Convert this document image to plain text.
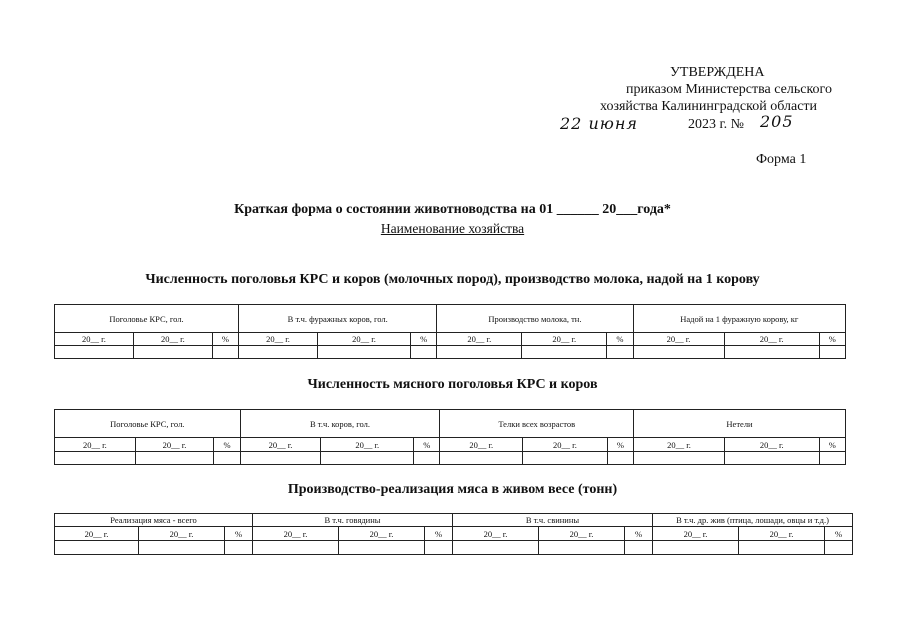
УТВЕРЖДЕНА
приказом Министерства сельского
хозяйства Калининградской области
22 июня	2023 г. № 205
Форма 1
Краткая форма о состоянии животноводства на 01 ______ 20___года*
Наименование хозяйства
Численность поголовья КРС и коров (молочных пород), производство молока, надой на 1 корову
Поголовье КРС, гол.			В т.ч. фуражных коров, гол.			Производство молока, тн.			Надой на 1 фуражную корову, кг		
20__ г.	20__ г.	%	20__ г.	20__ г.	%	20__ г.	20__ г.	%	20__ г.	20__ г.	%

Численность мясного поголовья КРС и коров
Поголовье КРС, гол.			В т.ч. коров, гол.			Телки всех возрастов			Нетели		
20__ г.	20__ г.	%	20__ г.	20__ г.	%	20__ г.	20__ г.	%	20__ г.	20__ г.	%

Производство-реализация мяса в живом весе (тонн)
Реализация мяса - всего			В т.ч. говядины			В т.ч. свинины			В т.ч. др. жив (птица, лошади, овцы и т.д.)		
20__ г.	20__ г.	%	20__ г.	20__ г.	%	20__ г.	20__ г.	%	20__ г.	20__ г.	%
